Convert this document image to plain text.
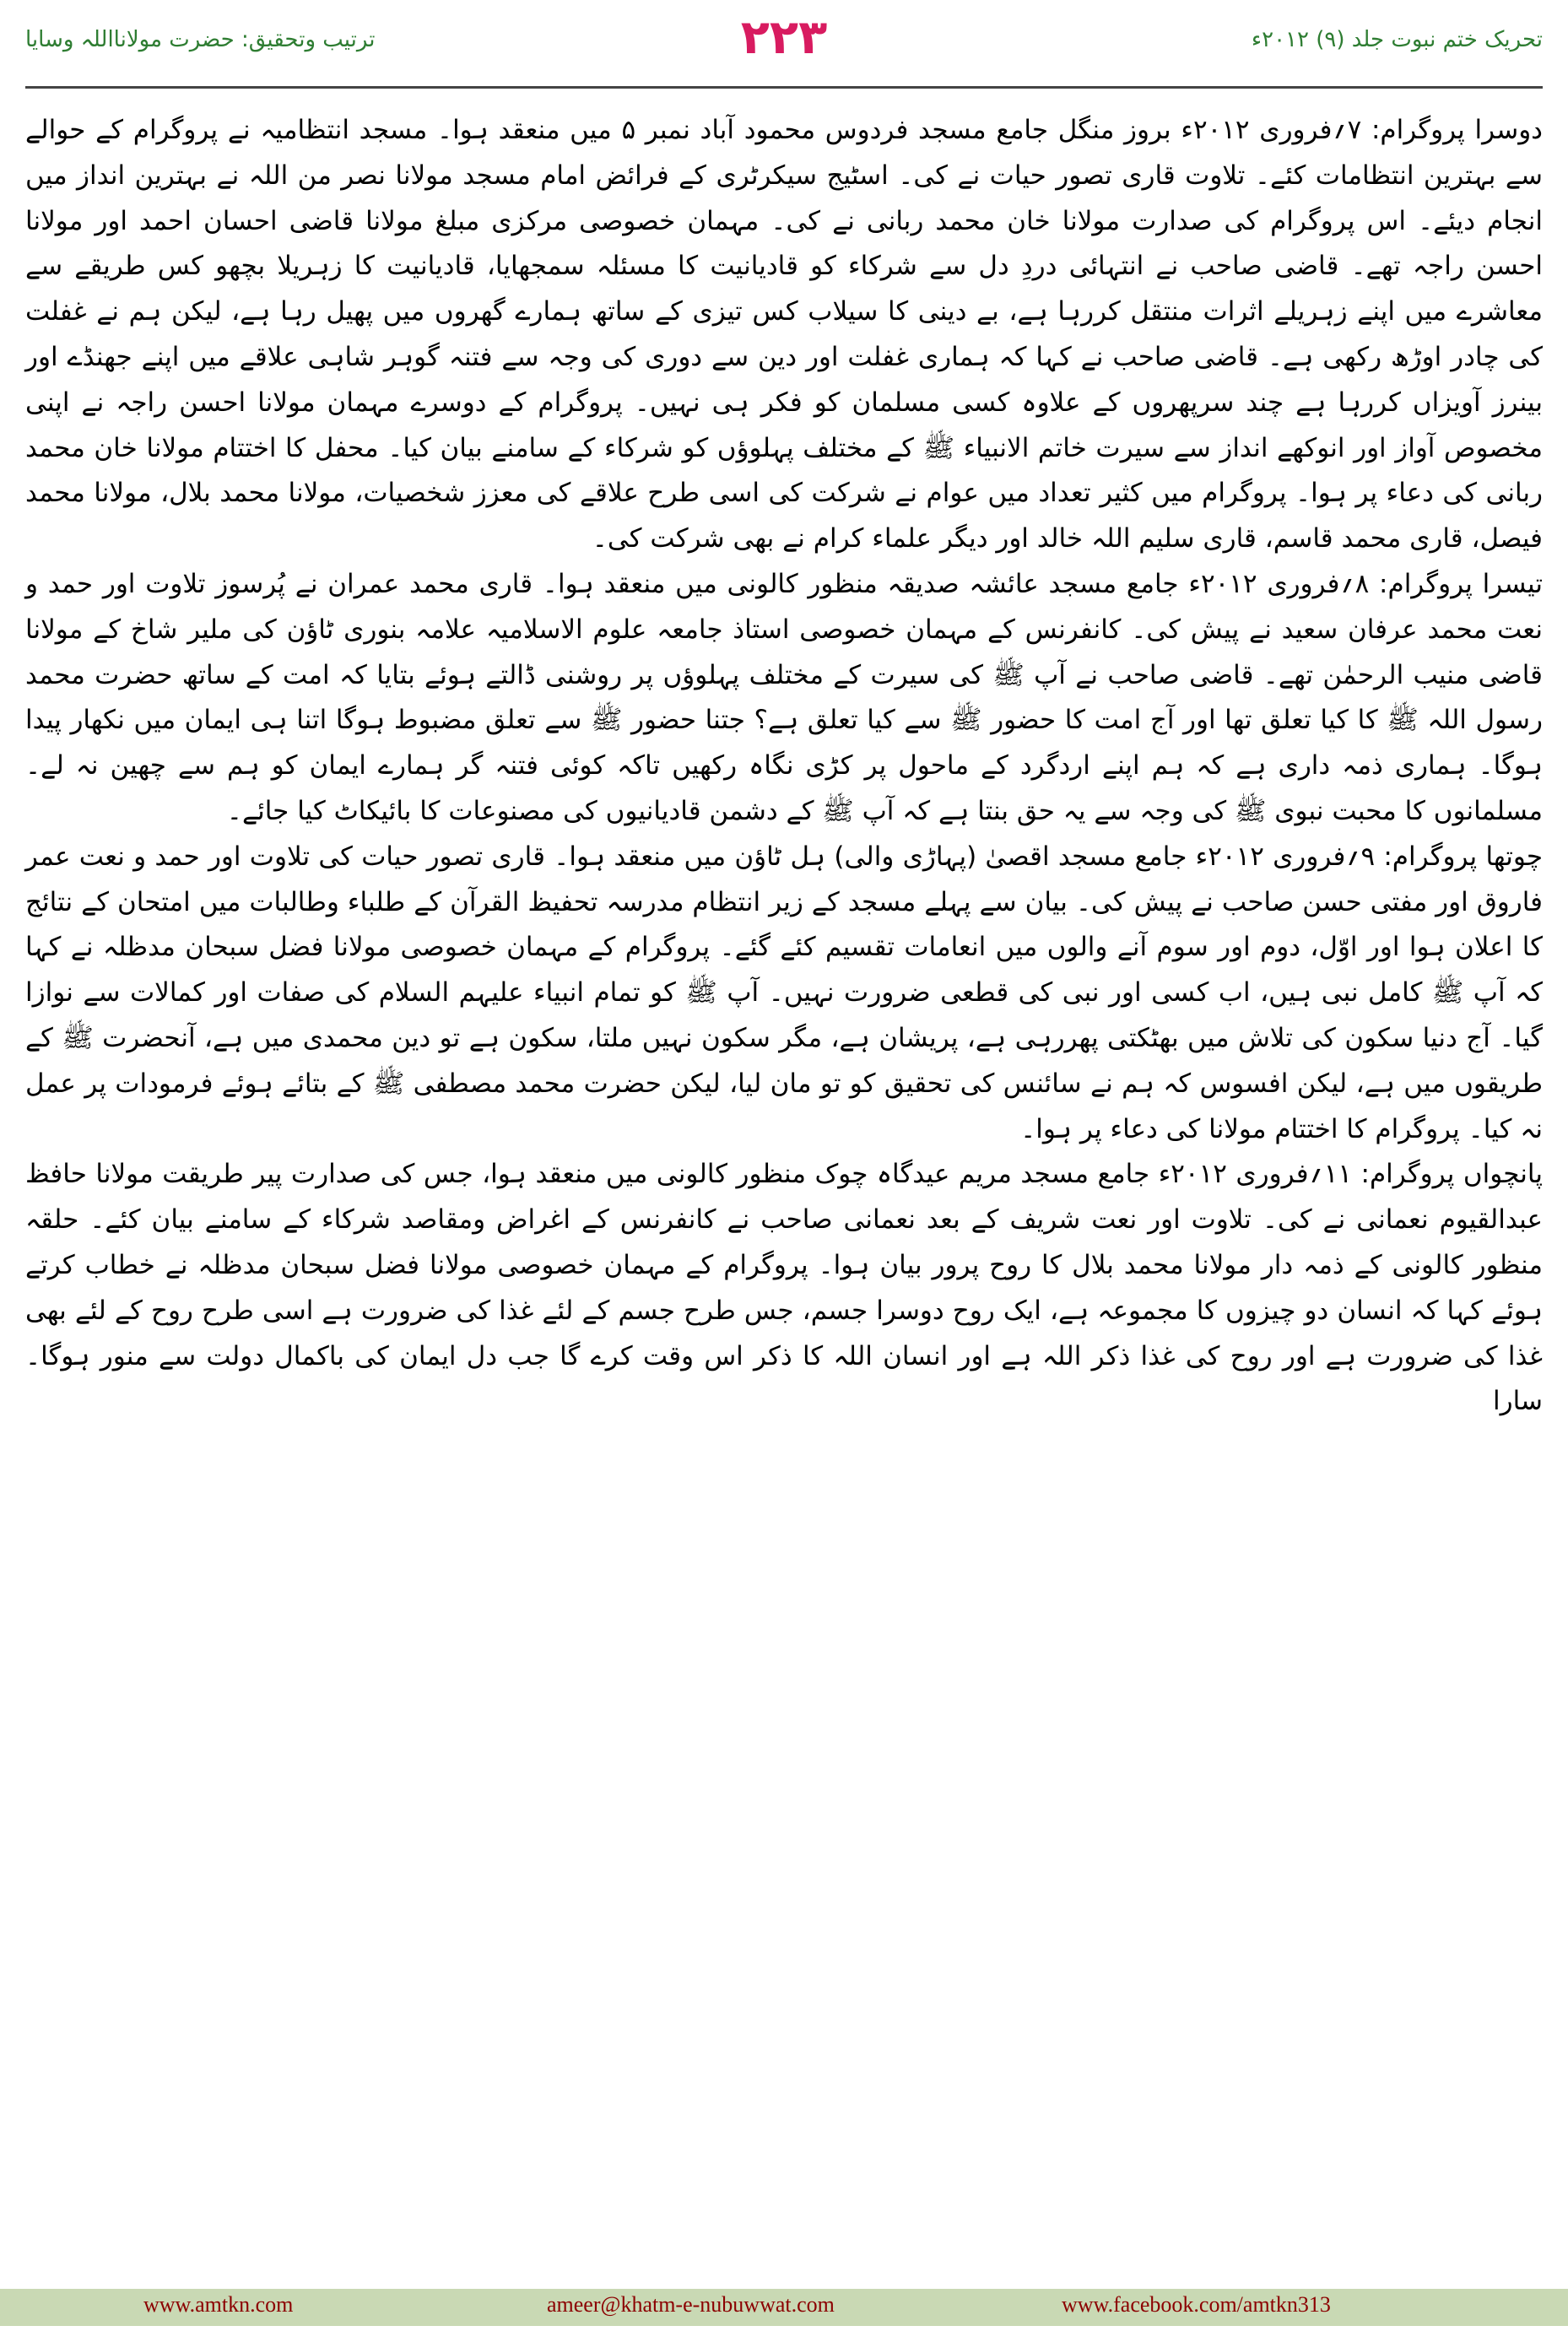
ترتیب وتحقیق: حضرت مولانااللہ وسایا	۲۲۳	تحریک ختم نبوت جلد (۹) ۲۰۱۲ء

دوسرا پروگرام: ۷؍فروری ۲۰۱۲ء بروز منگل جامع مسجد فردوس محمود آباد نمبر ۵ میں منعقد ہوا۔ مسجد انتظامیہ نے پروگرام کے حوالے سے بہترین انتظامات کئے۔ تلاوت قاری تصور حیات نے کی۔ اسٹیج سیکرٹری کے فرائض امام مسجد مولانا نصر من اللہ نے بہترین انداز میں انجام دیئے۔ اس پروگرام کی صدارت مولانا خان محمد ربانی نے کی۔ مہمان خصوصی مرکزی مبلغ مولانا قاضی احسان احمد اور مولانا احسن راجہ تھے۔ قاضی صاحب نے انتہائی دردِ دل سے شرکاء کو قادیانیت کا مسئلہ سمجھایا، قادیانیت کا زہریلا بچھو کس طریقے سے معاشرے میں اپنے زہریلے اثرات منتقل کررہا ہے، بے دینی کا سیلاب کس تیزی کے ساتھ ہمارے گھروں میں پھیل رہا ہے، لیکن ہم نے غفلت کی چادر اوڑھ رکھی ہے۔ قاضی صاحب نے کہا کہ ہماری غفلت اور دین سے دوری کی وجہ سے فتنہ گوہر شاہی علاقے میں اپنے جھنڈے اور بینرز آویزاں کررہا ہے چند سرپھروں کے علاوہ کسی مسلمان کو فکر ہی نہیں۔ پروگرام کے دوسرے مہمان مولانا احسن راجہ نے اپنی مخصوص آواز اور انوکھے انداز سے سیرت خاتم الانبیاء ﷺ کے مختلف پہلوؤں کو شرکاء کے سامنے بیان کیا۔ محفل کا اختتام مولانا خان محمد ربانی کی دعاء پر ہوا۔ پروگرام میں کثیر تعداد میں عوام نے شرکت کی اسی طرح علاقے کی معزز شخصیات، مولانا محمد بلال، مولانا محمد فیصل، قاری محمد قاسم، قاری سلیم اللہ خالد اور دیگر علماء کرام نے بھی شرکت کی۔

تیسرا پروگرام: ۸؍فروری ۲۰۱۲ء جامع مسجد عائشہ صدیقہ منظور کالونی میں منعقد ہوا۔ قاری محمد عمران نے پُرسوز تلاوت اور حمد و نعت محمد عرفان سعید نے پیش کی۔ کانفرنس کے مہمان خصوصی استاذ جامعہ علوم الاسلامیہ علامہ بنوری ٹاؤن کی ملیر شاخ کے مولانا قاضی منیب الرحمٰن تھے۔ قاضی صاحب نے آپ ﷺ کی سیرت کے مختلف پہلوؤں پر روشنی ڈالتے ہوئے بتایا کہ امت کے ساتھ حضرت محمد رسول اللہ ﷺ کا کیا تعلق تھا اور آج امت کا حضور ﷺ سے کیا تعلق ہے؟ جتنا حضور ﷺ سے تعلق مضبوط ہوگا اتنا ہی ایمان میں نکھار پیدا ہوگا۔ ہماری ذمہ داری ہے کہ ہم اپنے اردگرد کے ماحول پر کڑی نگاہ رکھیں تاکہ کوئی فتنہ گر ہمارے ایمان کو ہم سے چھین نہ لے۔ مسلمانوں کا محبت نبوی ﷺ کی وجہ سے یہ حق بنتا ہے کہ آپ ﷺ کے دشمن قادیانیوں کی مصنوعات کا بائیکاٹ کیا جائے۔

چوتھا پروگرام: ۹؍فروری ۲۰۱۲ء جامع مسجد اقصیٰ (پہاڑی والی) ہل ٹاؤن میں منعقد ہوا۔ قاری تصور حیات کی تلاوت اور حمد و نعت عمر فاروق اور مفتی حسن صاحب نے پیش کی۔ بیان سے پہلے مسجد کے زیر انتظام مدرسہ تحفیظ القرآن کے طلباء وطالبات میں امتحان کے نتائج کا اعلان ہوا اور اوّل، دوم اور سوم آنے والوں میں انعامات تقسیم کئے گئے۔ پروگرام کے مہمان خصوصی مولانا فضل سبحان مدظلہ نے کہا کہ آپ ﷺ کامل نبی ہیں، اب کسی اور نبی کی قطعی ضرورت نہیں۔ آپ ﷺ کو تمام انبیاء علیہم السلام کی صفات اور کمالات سے نوازا گیا۔ آج دنیا سکون کی تلاش میں بھٹکتی پھررہی ہے، پریشان ہے، مگر سکون نہیں ملتا، سکون ہے تو دین محمدی میں ہے، آنحضرت ﷺ کے طریقوں میں ہے، لیکن افسوس کہ ہم نے سائنس کی تحقیق کو تو مان لیا، لیکن حضرت محمد مصطفی ﷺ کے بتائے ہوئے فرمودات پر عمل نہ کیا۔ پروگرام کا اختتام مولانا کی دعاء پر ہوا۔

پانچواں پروگرام: ۱۱؍فروری ۲۰۱۲ء جامع مسجد مریم عیدگاہ چوک منظور کالونی میں منعقد ہوا، جس کی صدارت پیر طریقت مولانا حافظ عبدالقیوم نعمانی نے کی۔ تلاوت اور نعت شریف کے بعد نعمانی صاحب نے کانفرنس کے اغراض ومقاصد شرکاء کے سامنے بیان کئے۔ حلقہ منظور کالونی کے ذمہ دار مولانا محمد بلال کا روح پرور بیان ہوا۔ پروگرام کے مہمان خصوصی مولانا فضل سبحان مدظلہ نے خطاب کرتے ہوئے کہا کہ انسان دو چیزوں کا مجموعہ ہے، ایک روح دوسرا جسم، جس طرح جسم کے لئے غذا کی ضرورت ہے اسی طرح روح کے لئے بھی غذا کی ضرورت ہے اور روح کی غذا ذکر اللہ ہے اور انسان اللہ کا ذکر اس وقت کرے گا جب دل ایمان کی باکمال دولت سے منور ہوگا۔ سارا

www.amtkn.com	ameer@khatm-e-nubuwwat.com	www.facebook.com/amtkn313
